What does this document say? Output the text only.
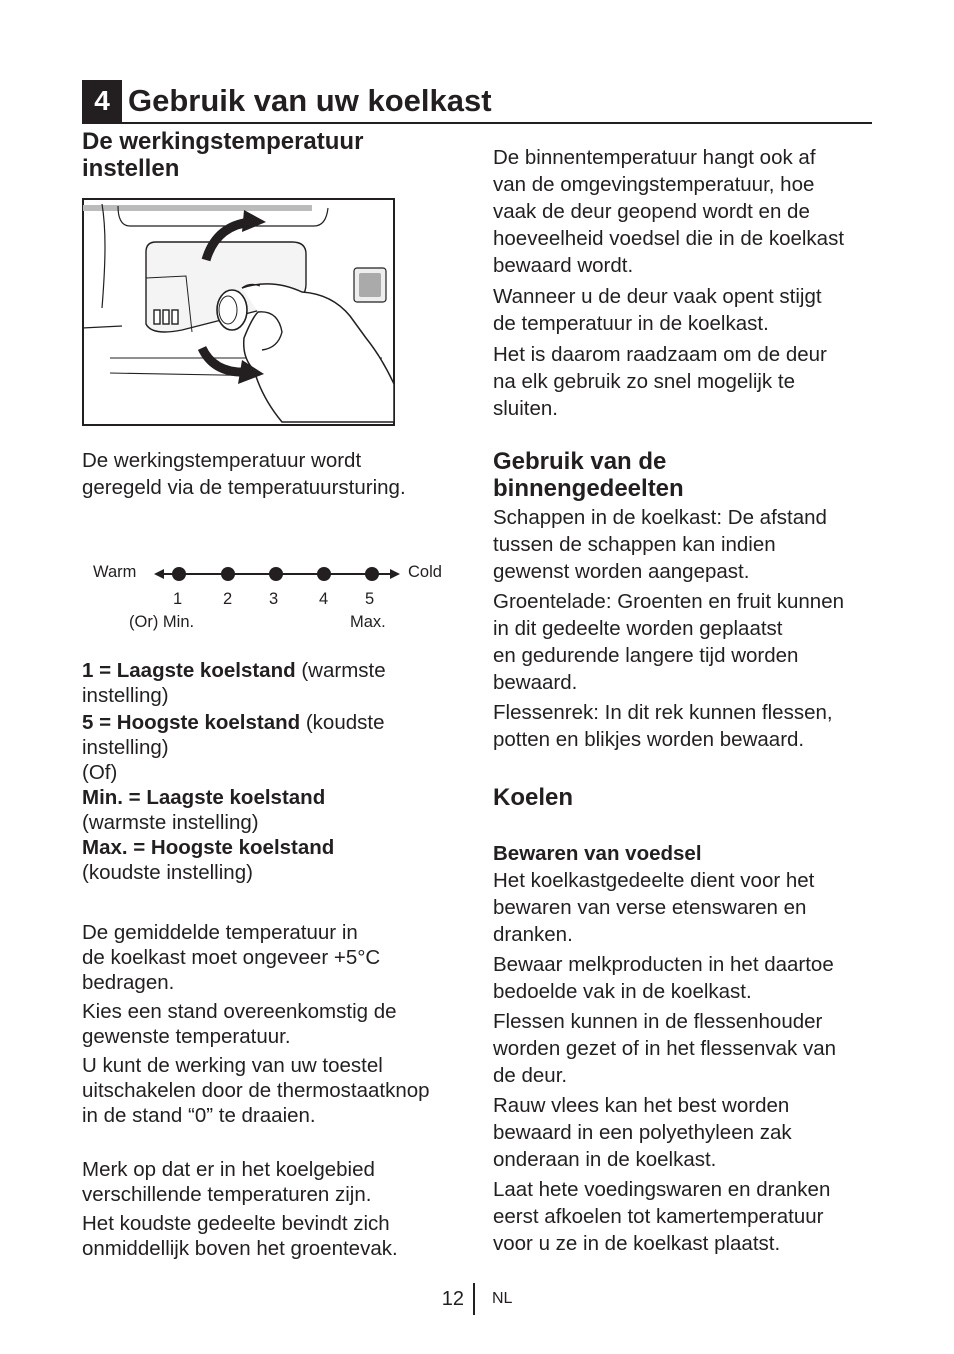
4 Gebruik van uw koelkast
De werkingstemperatuur
instellen

De werkingstemperatuur wordt

geregeld via de temperatuursturing.

Warm	Cold
1 2 3 4 5
(Or) Min.	Max.

1 = Laagste koelstand (warmste

instelling)

5 = Hoogste koelstand (koudste

instelling)

(Of)

Min. = Laagste koelstand

(warmste instelling)

Max. = Hoogste koelstand

(koudste instelling)

De gemiddelde temperatuur in

de koelkast moet ongeveer +5°C

bedragen.

Kies een stand overeenkomstig de

gewenste temperatuur.

U kunt de werking van uw toestel

uitschakelen door de thermostaatknop

in de stand “0” te draaien.

Merk op dat er in het koelgebied

verschillende temperaturen zijn.

Het koudste gedeelte bevindt zich

onmiddellijk boven het groentevak.

De binnentemperatuur hangt ook af

van de omgevingstemperatuur, hoe

vaak de deur geopend wordt en de

hoeveelheid voedsel die in de koelkast

bewaard wordt.

Wanneer u de deur vaak opent stijgt

de temperatuur in de koelkast.

Het is daarom raadzaam om de deur

na elk gebruik zo snel mogelijk te

sluiten.

Gebruik van de
binnengedeelten

Schappen in de koelkast: De afstand

tussen de schappen kan indien

gewenst worden aangepast.

Groentelade: Groenten en fruit kunnen

in dit gedeelte worden geplaatst

en gedurende langere tijd worden

bewaard.

Flessenrek: In dit rek kunnen flessen,

potten en blikjes worden bewaard.

Koelen
Bewaren van voedsel

Het koelkastgedeelte dient voor het

bewaren van verse etenswaren en

dranken.

Bewaar melkproducten in het daartoe

bedoelde vak in de koelkast.

Flessen kunnen in de flessenhouder

worden gezet of in het flessenvak van

de deur.

Rauw vlees kan het best worden

bewaard in een polyethyleen zak

onderaan in de koelkast.

Laat hete voedingswaren en dranken

eerst afkoelen tot kamertemperatuur

voor u ze in de koelkast plaatst.

12 NL
